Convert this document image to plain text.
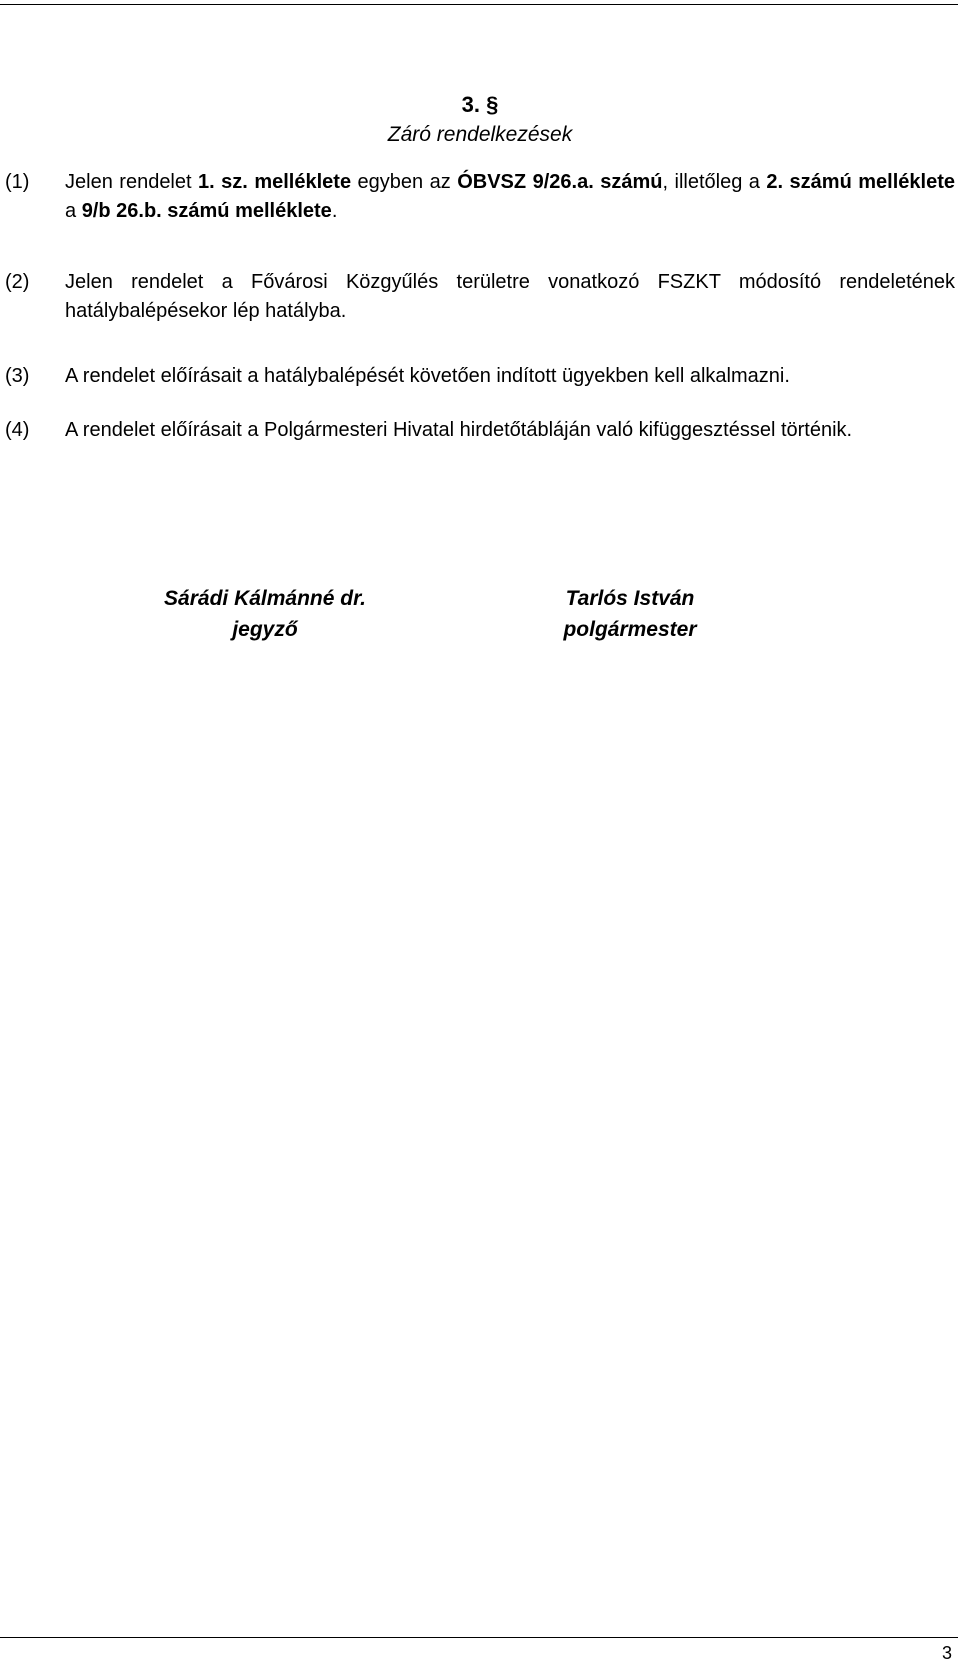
3. §
Záró rendelkezések
(1)	Jelen rendelet 1. sz. melléklete egyben az ÓBVSZ 9/26.a. számú, illetőleg a 2. számú melléklete a 9/b 26.b. számú melléklete.
(2)	Jelen rendelet a Fővárosi Közgyűlés területre vonatkozó FSZKT módosító rendeletének hatálybalépésekor lép hatályba.
(3)	A rendelet előírásait a hatálybalépését követően indított ügyekben kell alkalmazni.
(4)	A rendelet előírásait a Polgármesteri Hivatal hirdetőtábláján való kifüggesztéssel történik.
Sárádi Kálmánné dr.
jegyző
Tarlós István
polgármester
3
